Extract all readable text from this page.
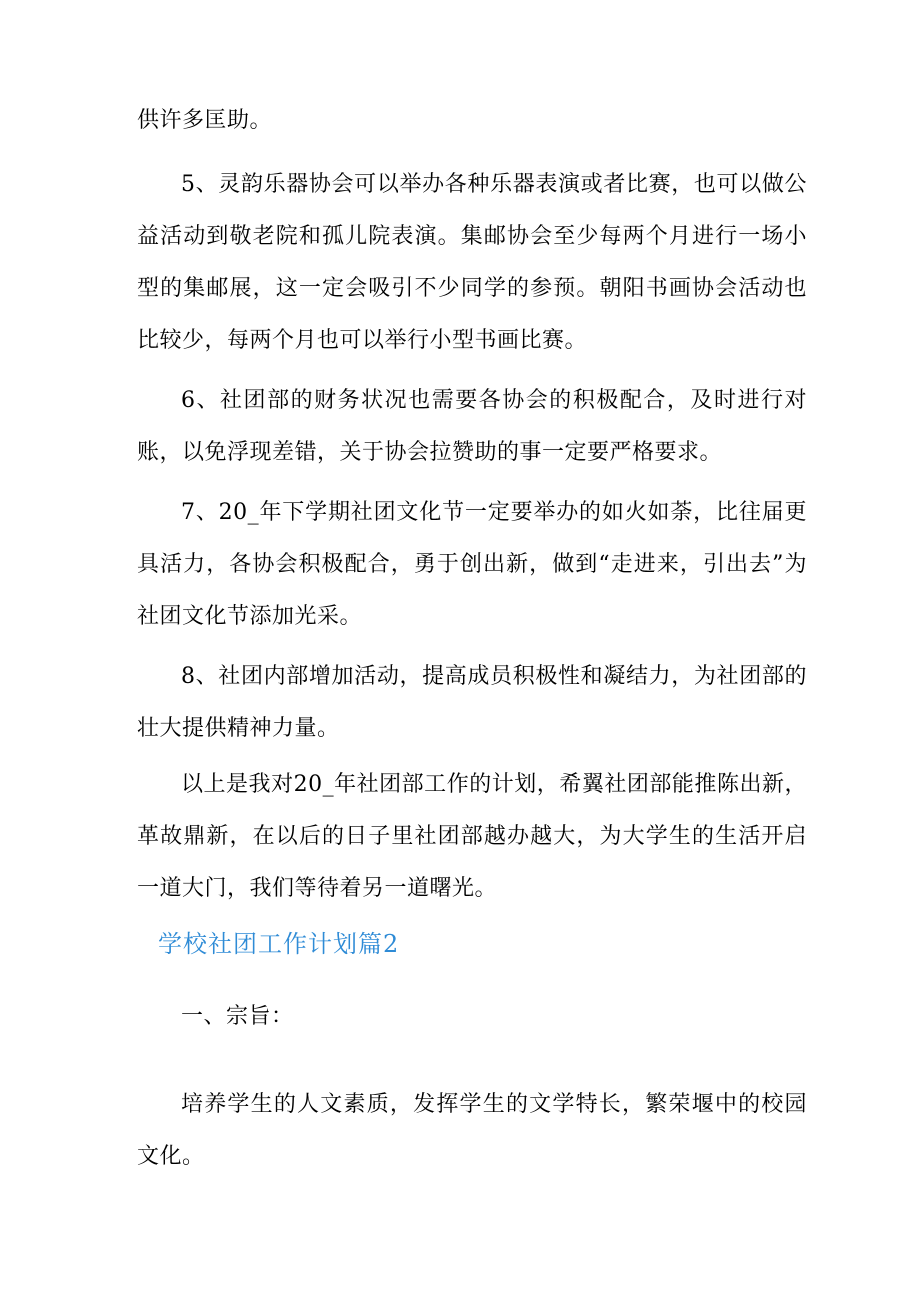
供许多匡助。

5、灵韵乐器协会可以举办各种乐器表演或者比赛，也可以做公益活动到敬老院和孤儿院表演。集邮协会至少每两个月进行一场小型的集邮展，这一定会吸引不少同学的参预。朝阳书画协会活动也比较少，每两个月也可以举行小型书画比赛。

6、社团部的财务状况也需要各协会的积极配合，及时进行对账，以免浮现差错，关于协会拉赞助的事一定要严格要求。

7、20_年下学期社团文化节一定要举办的如火如荼，比往届更具活力，各协会积极配合，勇于创出新，做到“走进来，引出去”为社团文化节添加光采。

8、社团内部增加活动，提高成员积极性和凝结力，为社团部的壮大提供精神力量。

以上是我对20_年社团部工作的计划，希翼社团部能推陈出新，革故鼎新，在以后的日子里社团部越办越大，为大学生的生活开启一道大门，我们等待着另一道曙光。

学校社团工作计划篇2

一、宗旨：

培养学生的人文素质，发挥学生的文学特长，繁荣堰中的校园文化。
